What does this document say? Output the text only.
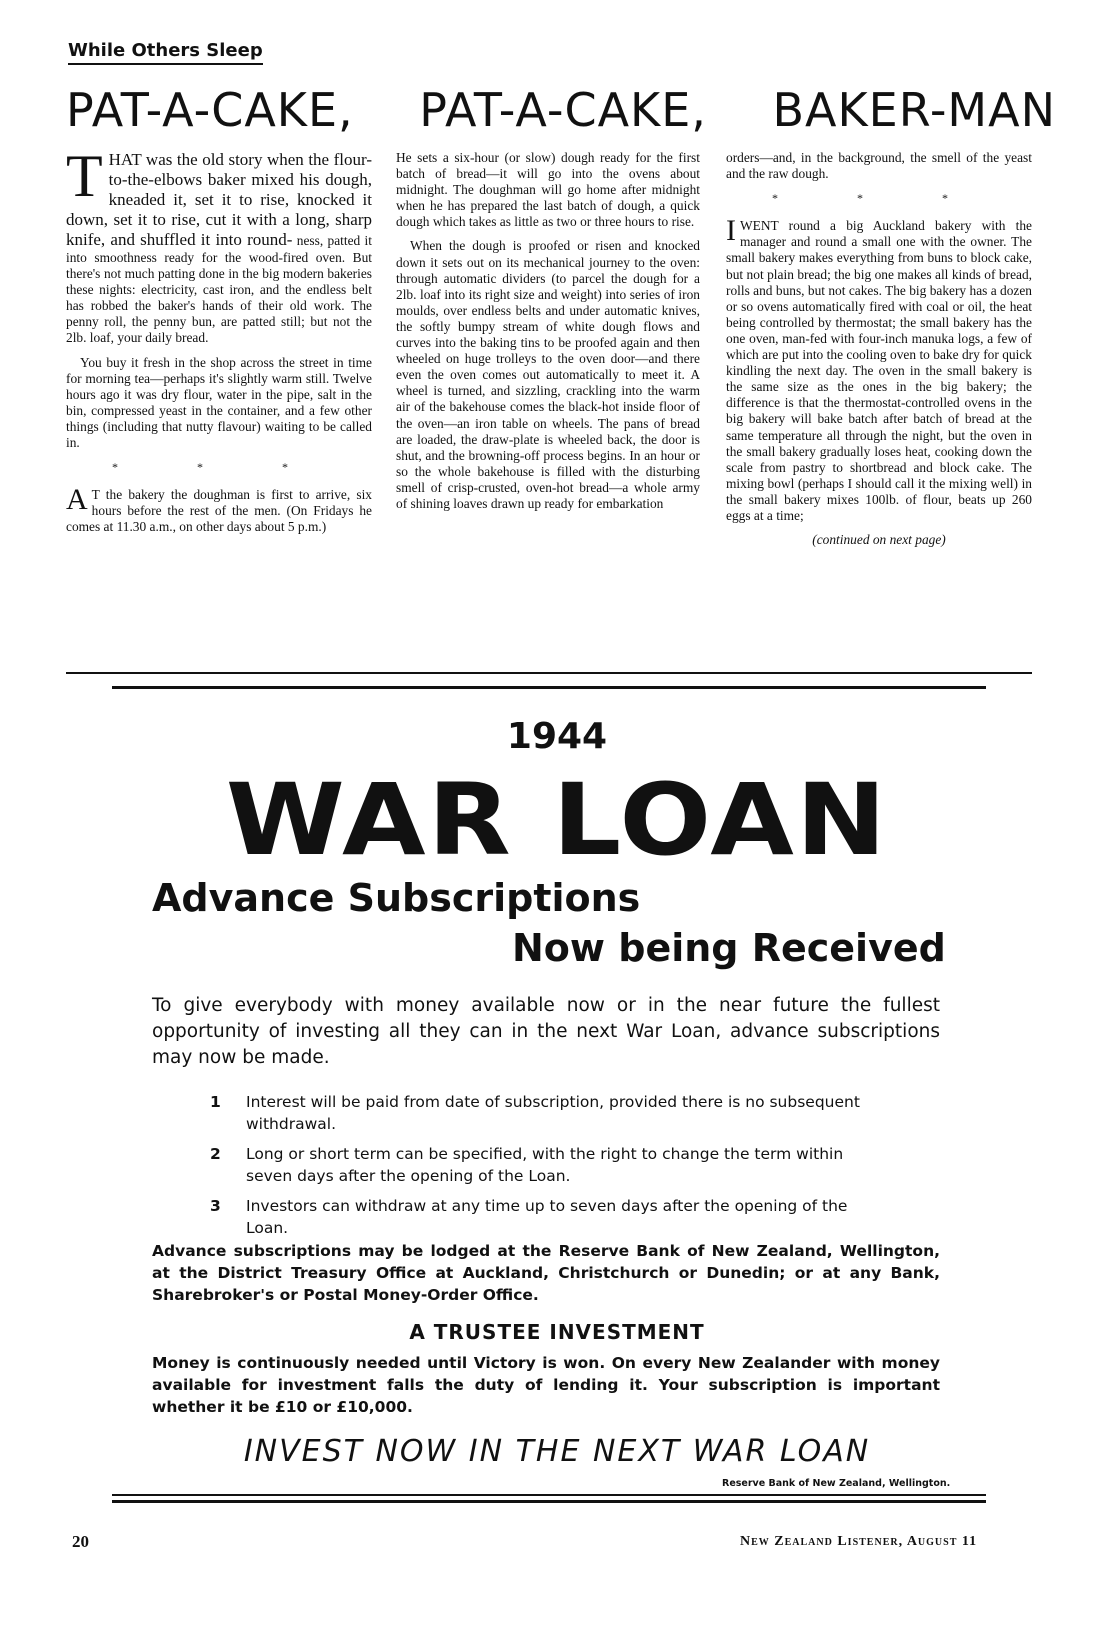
While Others Sleep
PAT-A-CAKE, PAT-A-CAKE, BAKER-MAN

THAT was the old story when the flour-to-the-elbows baker mixed his dough, kneaded it, set it to rise, knocked it down, set it to rise, cut it with a long, sharp knife, and shuffled it into round- ness, patted it into smoothness ready for the wood-fired oven. But there's not much patting done in the big modern bakeries these nights: electricity, cast iron, and the endless belt has robbed the baker's hands of their old work. The penny roll, the penny bun, are patted still; but not the 2lb. loaf, your daily bread.

You buy it fresh in the shop across the street in time for morning tea—perhaps it's slightly warm still. Twelve hours ago it was dry flour, water in the pipe, salt in the bin, compressed yeast in the container, and a few other things (including that nutty flavour) waiting to be called in.

* * *

A T the bakery the doughman is first to arrive, six hours before the rest of the men. (On Fridays he comes at 11.30 a.m., on other days about 5 p.m.)

He sets a six-hour (or slow) dough ready for the first batch of bread—it will go into the ovens about midnight. The doughman will go home after midnight when he has prepared the last batch of dough, a quick dough which takes as little as two or three hours to rise.

When the dough is proofed or risen and knocked down it sets out on its mechanical journey to the oven: through automatic dividers (to parcel the dough for a 2lb. loaf into its right size and weight) into series of iron moulds, over endless belts and under automatic knives, the softly bumpy stream of white dough flows and curves into the baking tins to be proofed again and then wheeled on huge trolleys to the oven door—and there even the oven comes out automatically to meet it. A wheel is turned, and sizzling, crackling into the warm air of the bakehouse comes the black-hot inside floor of the oven—an iron table on wheels. The pans of bread are loaded, the draw-plate is wheeled back, the door is shut, and the browning-off process begins. In an hour or so the whole bakehouse is filled with the disturbing smell of crisp-crusted, oven-hot bread—a whole army of shining loaves drawn up ready for embarkation

orders—and, in the background, the smell of the yeast and the raw dough.

* * *

IWENT round a big Auckland bakery with the manager and round a small one with the owner. The small bakery makes everything from buns to block cake, but not plain bread; the big one makes all kinds of bread, rolls and buns, but not cakes. The big bakery has a dozen or so ovens automatically fired with coal or oil, the heat being controlled by thermostat; the small bakery has the one oven, man-fed with four-inch manuka logs, a few of which are put into the cooling oven to bake dry for quick kindling the next day. The oven in the small bakery is the same size as the ones in the big bakery; the difference is that the thermostat-controlled ovens in the big bakery will bake batch after batch of bread at the same temperature all through the night, but the oven in the small bakery gradually loses heat, cooking down the scale from pastry to shortbread and block cake. The mixing bowl (perhaps I should call it the mixing well) in the small bakery mixes 100lb. of flour, beats up 260 eggs at a time;

(continued on next page)
1944
WAR LOAN
Advance Subscriptions
Now being Received
To give everybody with money available now or in the near future the fullest opportunity of investing all they can in the next War Loan, advance subscriptions may now be made.
1	Interest will be paid from date of subscription, provided there is no subsequent withdrawal.
2	Long or short term can be specified, with the right to change the term within seven days after the opening of the Loan.
3	Investors can withdraw at any time up to seven days after the opening of the Loan.
Advance subscriptions may be lodged at the Reserve Bank of New Zealand, Wellington, at the District Treasury Office at Auckland, Christchurch or Dunedin; or at any Bank, Sharebroker's or Postal Money-Order Office.
A TRUSTEE INVESTMENT
Money is continuously needed until Victory is won. On every New Zealander with money available for investment falls the duty of lending it. Your subscription is important whether it be £10 or £10,000.
INVEST NOW IN THE NEXT WAR LOAN
Reserve Bank of New Zealand, Wellington.
20	New Zealand Listener, August 11
